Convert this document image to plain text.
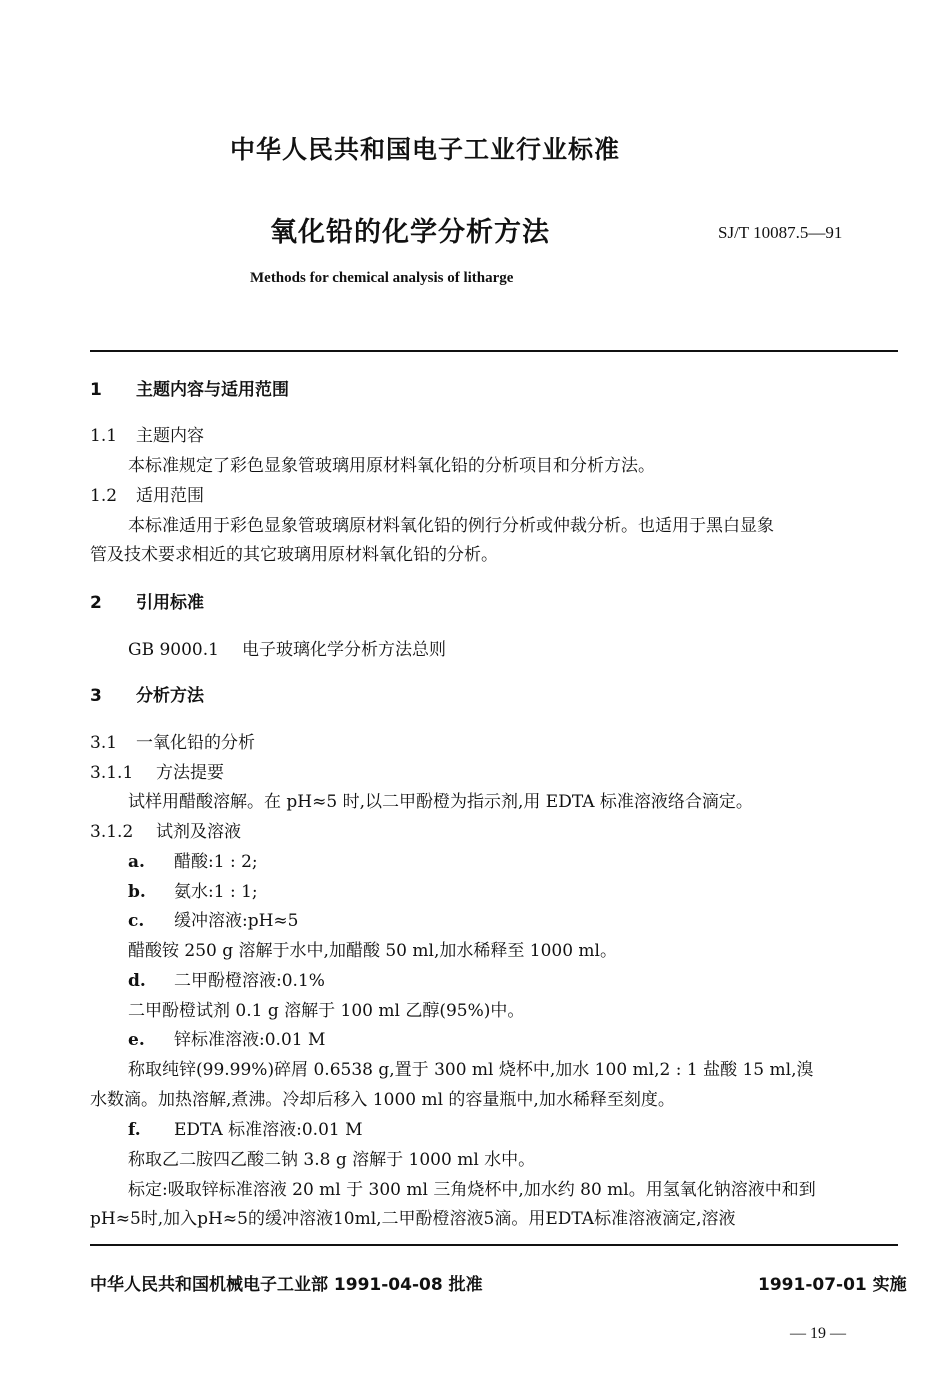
中华人民共和国电子工业行业标准
氧化铅的化学分析方法	SJ/T 10087.5—91
Methods for chemical analysis of litharge
1 主题内容与适用范围
1.1 主题内容
本标准规定了彩色显象管玻璃用原材料氧化铅的分析项目和分析方法。
1.2 适用范围
本标准适用于彩色显象管玻璃原材料氧化铅的例行分析或仲裁分析。也适用于黑白显象
管及技术要求相近的其它玻璃用原材料氧化铅的分析。
2 引用标准
GB 9000.1 电子玻璃化学分析方法总则
3 分析方法
3.1 一氧化铅的分析
3.1.1 方法提要
试样用醋酸溶解。在 pH≈5 时,以二甲酚橙为指示剂,用 EDTA 标准溶液络合滴定。
3.1.2 试剂及溶液
a. 醋酸:1 : 2;
b. 氨水:1 : 1;
c. 缓冲溶液:pH≈5
醋酸铵 250 g 溶解于水中,加醋酸 50 ml,加水稀释至 1000 ml。
d. 二甲酚橙溶液:0.1%
二甲酚橙试剂 0.1 g 溶解于 100 ml 乙醇(95%)中。
e. 锌标准溶液:0.01 M
称取纯锌(99.99%)碎屑 0.6538 g,置于 300 ml 烧杯中,加水 100 ml,2 : 1 盐酸 15 ml,溴
水数滴。加热溶解,煮沸。冷却后移入 1000 ml 的容量瓶中,加水稀释至刻度。
f. EDTA 标准溶液:0.01 M
称取乙二胺四乙酸二钠 3.8 g 溶解于 1000 ml 水中。
标定:吸取锌标准溶液 20 ml 于 300 ml 三角烧杯中,加水约 80 ml。用氢氧化钠溶液中和到
pH≈5时,加入pH≈5的缓冲溶液10ml,二甲酚橙溶液5滴。用EDTA标准溶液滴定,溶液
中华人民共和国机械电子工业部 1991-04-08 批准	1991-07-01 实施
— 19 —
